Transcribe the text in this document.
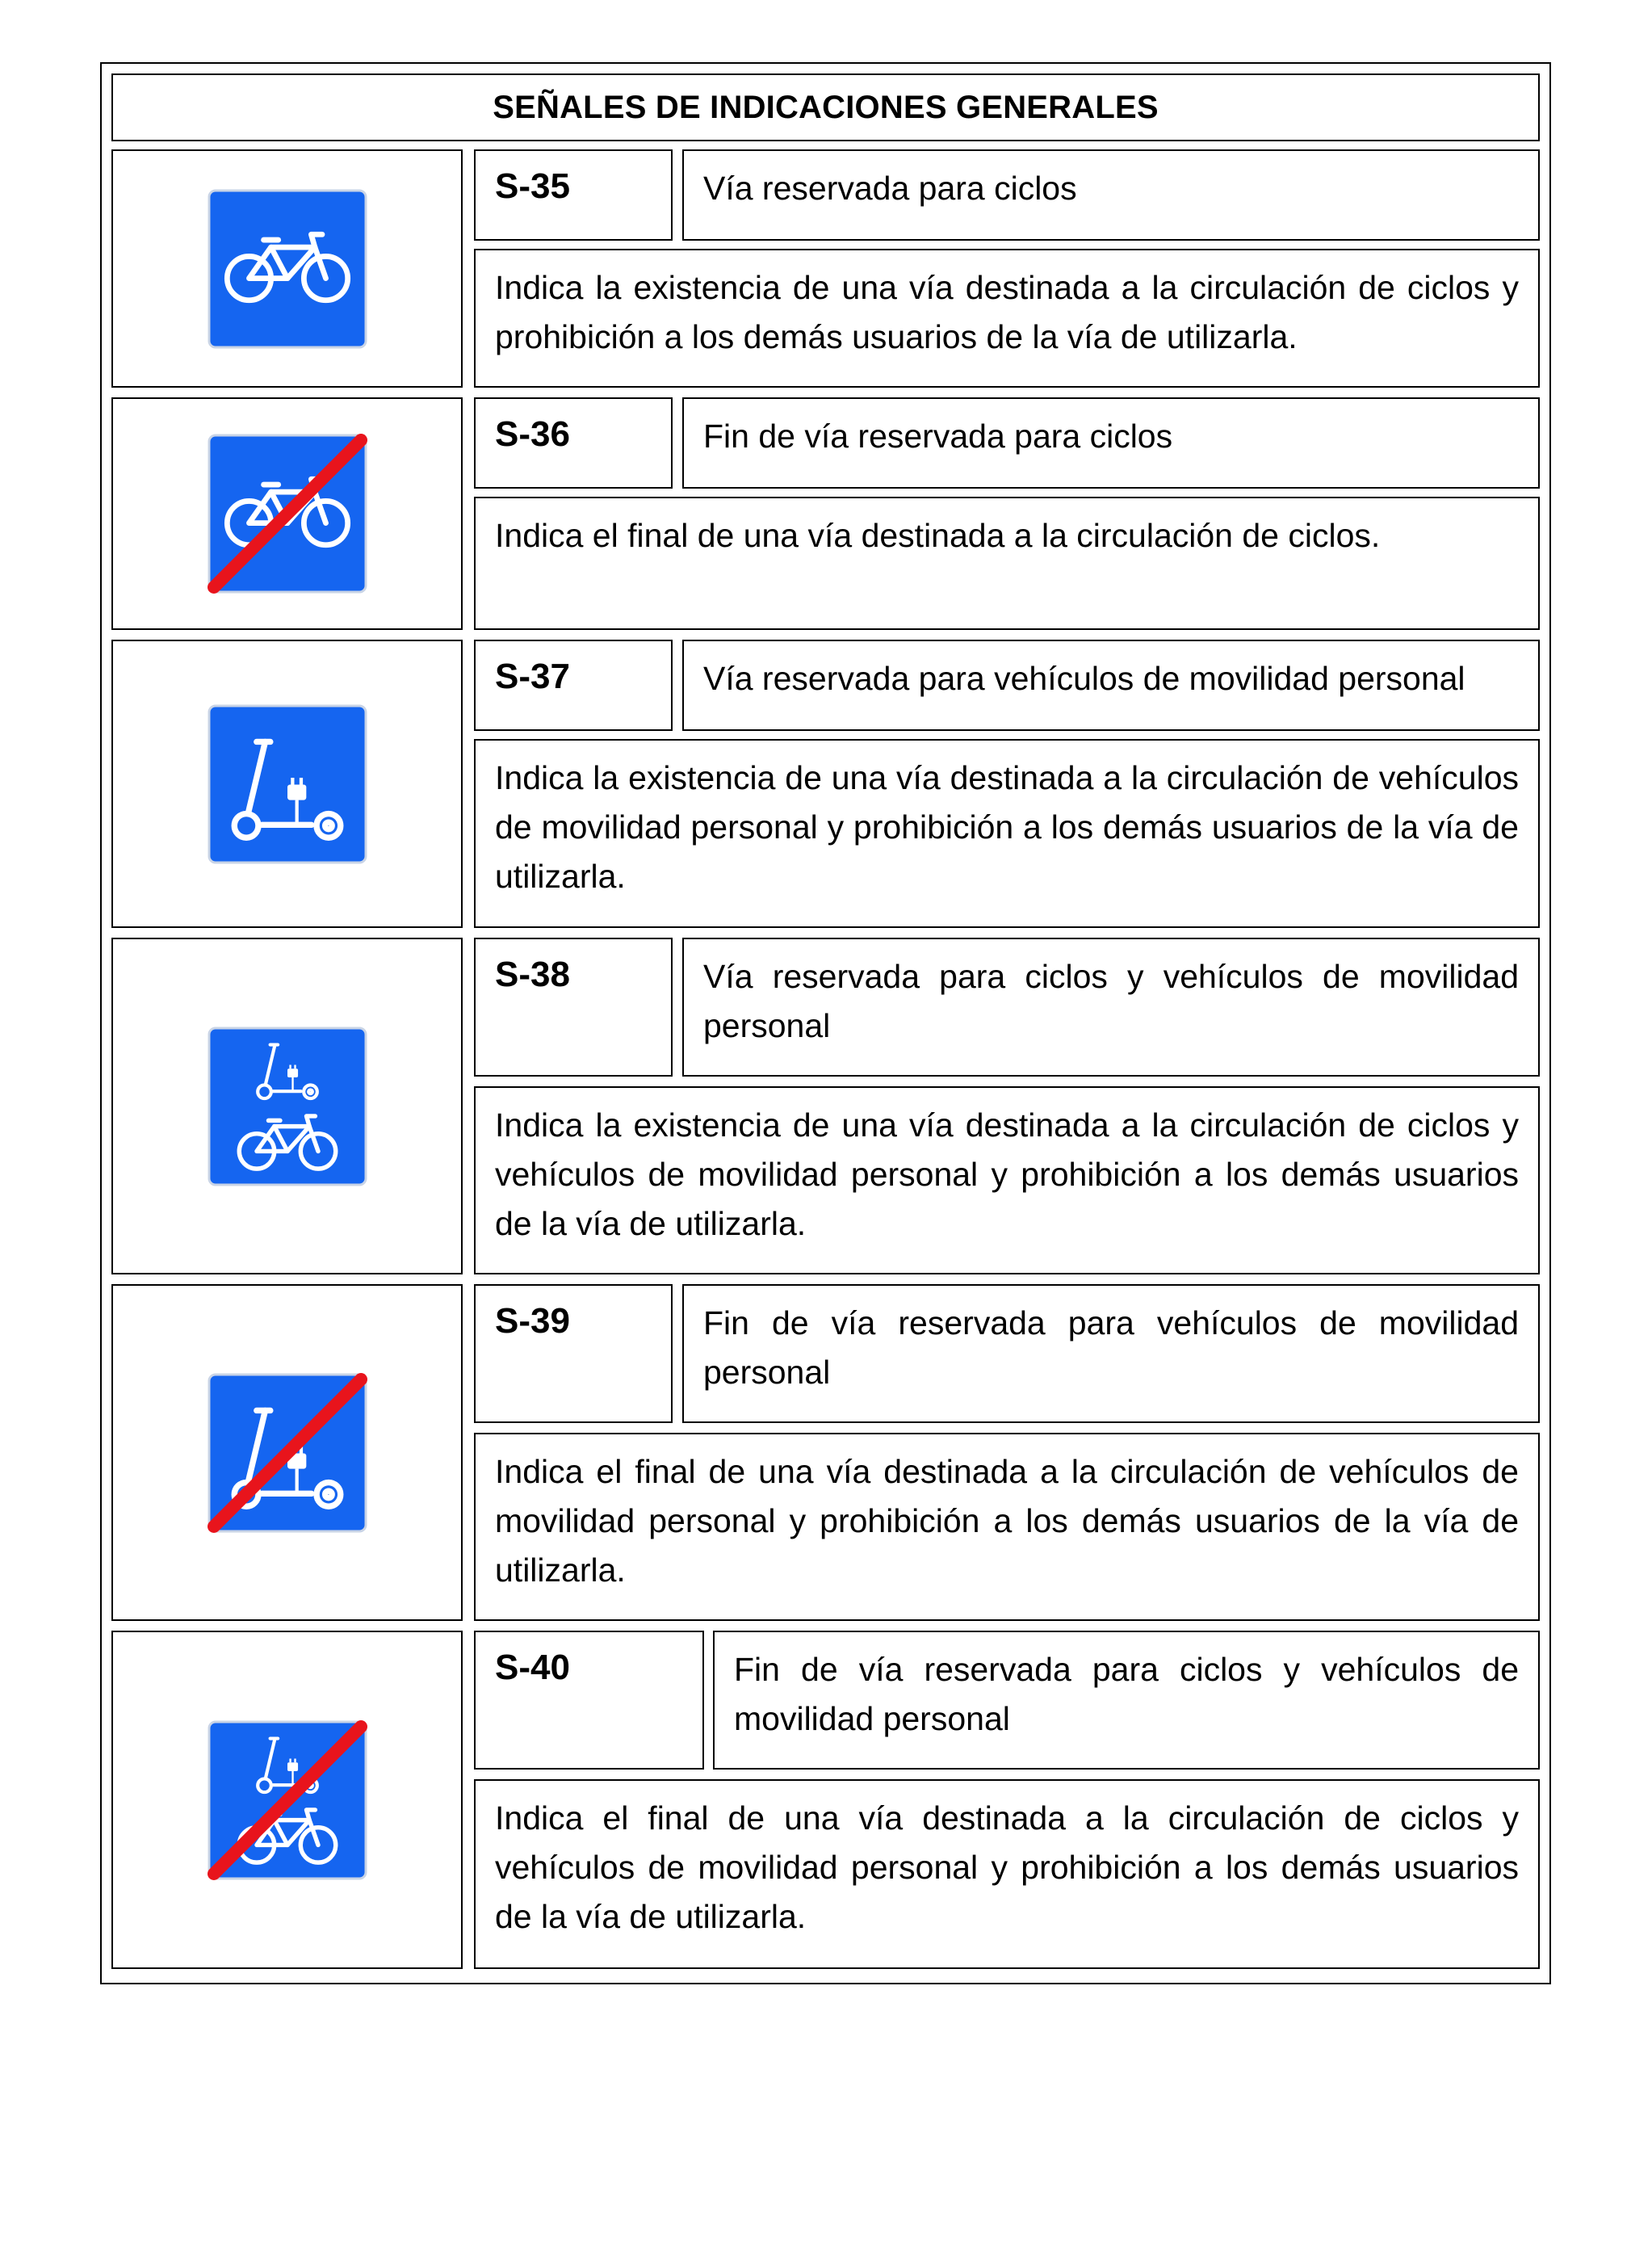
SEÑALES DE INDICACIONES GENERALES
S-35	Vía reservada para ciclos
Indica la existencia de una vía destinada a la circulación de ciclos y prohibición a los demás usuarios de la vía de utilizarla.
S-36	Fin de vía reservada para ciclos
Indica el final de una vía destinada a la circulación de ciclos.
S-37	Vía reservada para vehículos de movilidad personal
Indica la existencia de una vía destinada a la circulación de vehículos de movilidad personal y prohibición a los demás usuarios de la vía de utilizarla.
S-38	Vía reservada para ciclos y vehículos de movilidad personal
Indica la existencia de una vía destinada a la circulación de ciclos y vehículos de movilidad personal y prohibición a los demás usuarios de la vía de utilizarla.
S-39	Fin de vía reservada para vehículos de movilidad personal
Indica el final de una vía destinada a la circulación de vehículos de movilidad personal y prohibición a los demás usuarios de la vía de utilizarla.
S-40	Fin de vía reservada para ciclos y vehículos de movilidad personal
Indica el final de una vía destinada a la circulación de ciclos y vehículos de movilidad personal y prohibición a los demás usuarios de la vía de utilizarla.
